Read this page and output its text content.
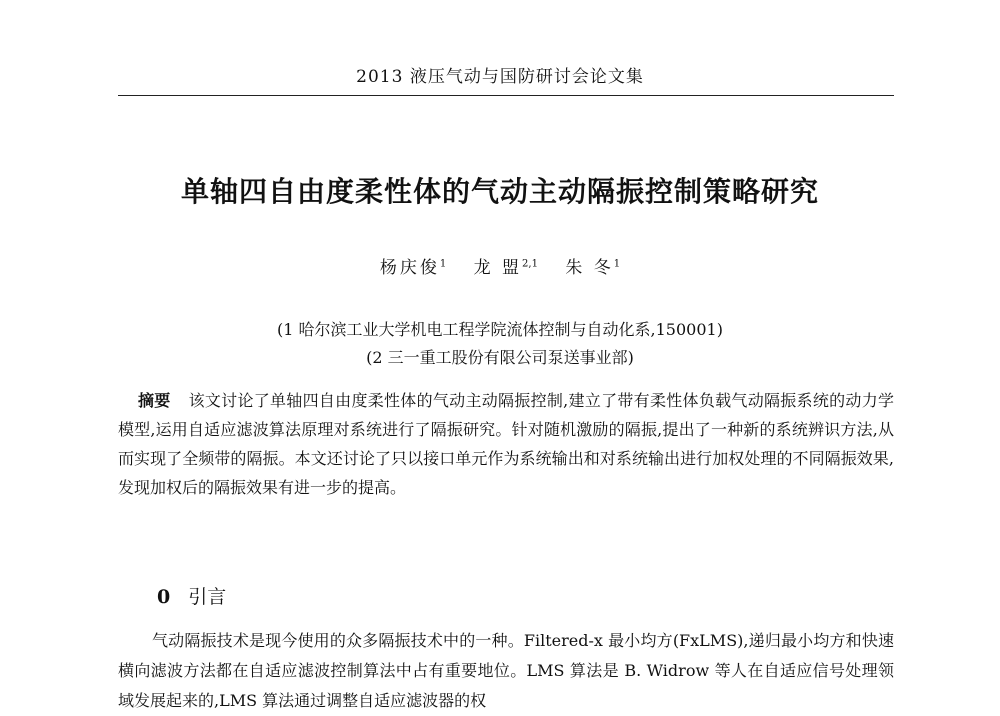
2013 液压气动与国防研讨会论文集
单轴四自由度柔性体的气动主动隔振控制策略研究
杨庆俊$^1$ 龙 盟$^{2,1}$ 朱 冬$^1$
(1 哈尔滨工业大学机电工程学院流体控制与自动化系,150001)
(2 三一重工股份有限公司泵送事业部)
摘要 该文讨论了单轴四自由度柔性体的气动主动隔振控制,建立了带有柔性体负载气动隔振系统的动力学模型,运用自适应滤波算法原理对系统进行了隔振研究。针对随机激励的隔振,提出了一种新的系统辨识方法,从而实现了全频带的隔振。本文还讨论了只以接口单元作为系统输出和对系统输出进行加权处理的不同隔振效果,发现加权后的隔振效果有进一步的提高。
0 引言
气动隔振技术是现今使用的众多隔振技术中的一种。Filtered-x 最小均方(FxLMS),递归最小均方和快速横向滤波方法都在自适应滤波控制算法中占有重要地位。LMS 算法是 B. Widrow 等人在自适应信号处理领域发展起来的,LMS 算法通过调整自适应滤波器的权
